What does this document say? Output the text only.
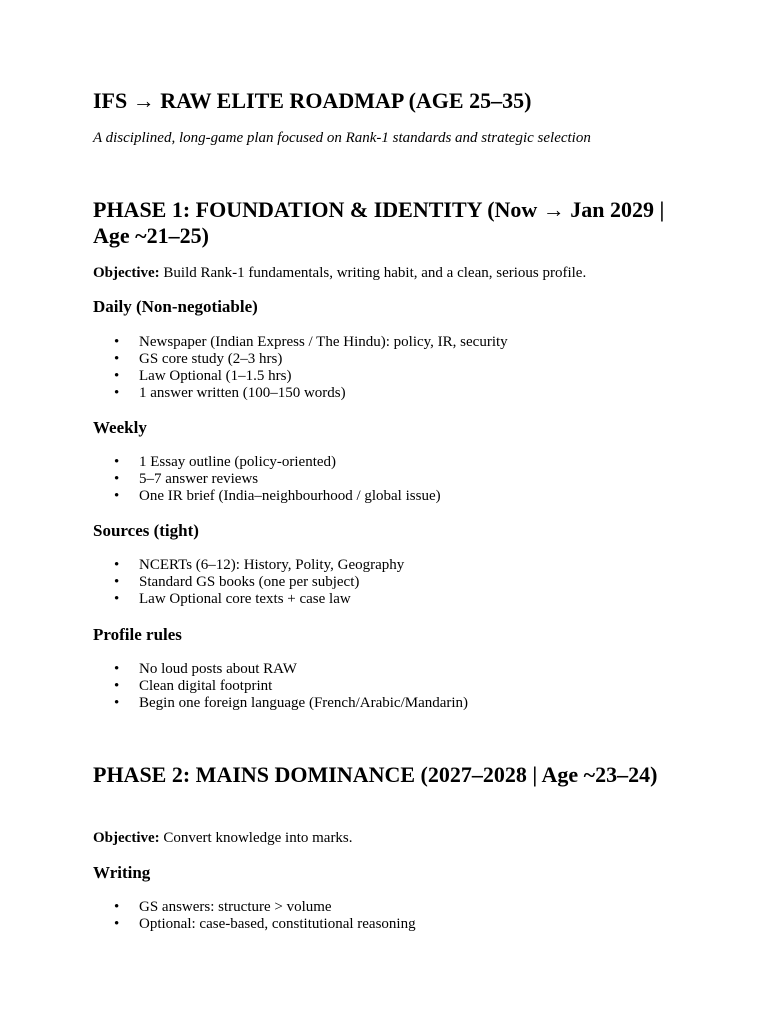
IFS → RAW ELITE ROADMAP (AGE 25–35)

A disciplined, long-game plan focused on Rank-1 standards and strategic selection

PHASE 1: FOUNDATION & IDENTITY (Now → Jan 2029 | Age ~21–25)

Objective: Build Rank-1 fundamentals, writing habit, and a clean, serious profile.

Daily (Non-negotiable)
• Newspaper (Indian Express / The Hindu): policy, IR, security
• GS core study (2–3 hrs)
• Law Optional (1–1.5 hrs)
• 1 answer written (100–150 words)
Weekly
• 1 Essay outline (policy-oriented)
• 5–7 answer reviews
• One IR brief (India–neighbourhood / global issue)
Sources (tight)
• NCERTs (6–12): History, Polity, Geography
• Standard GS books (one per subject)
• Law Optional core texts + case law
Profile rules
• No loud posts about RAW
• Clean digital footprint
• Begin one foreign language (French/Arabic/Mandarin)
PHASE 2: MAINS DOMINANCE (2027–2028 | Age ~23–24)

Objective: Convert knowledge into marks.

Writing
• GS answers: structure > volume
• Optional: case-based, constitutional reasoning
